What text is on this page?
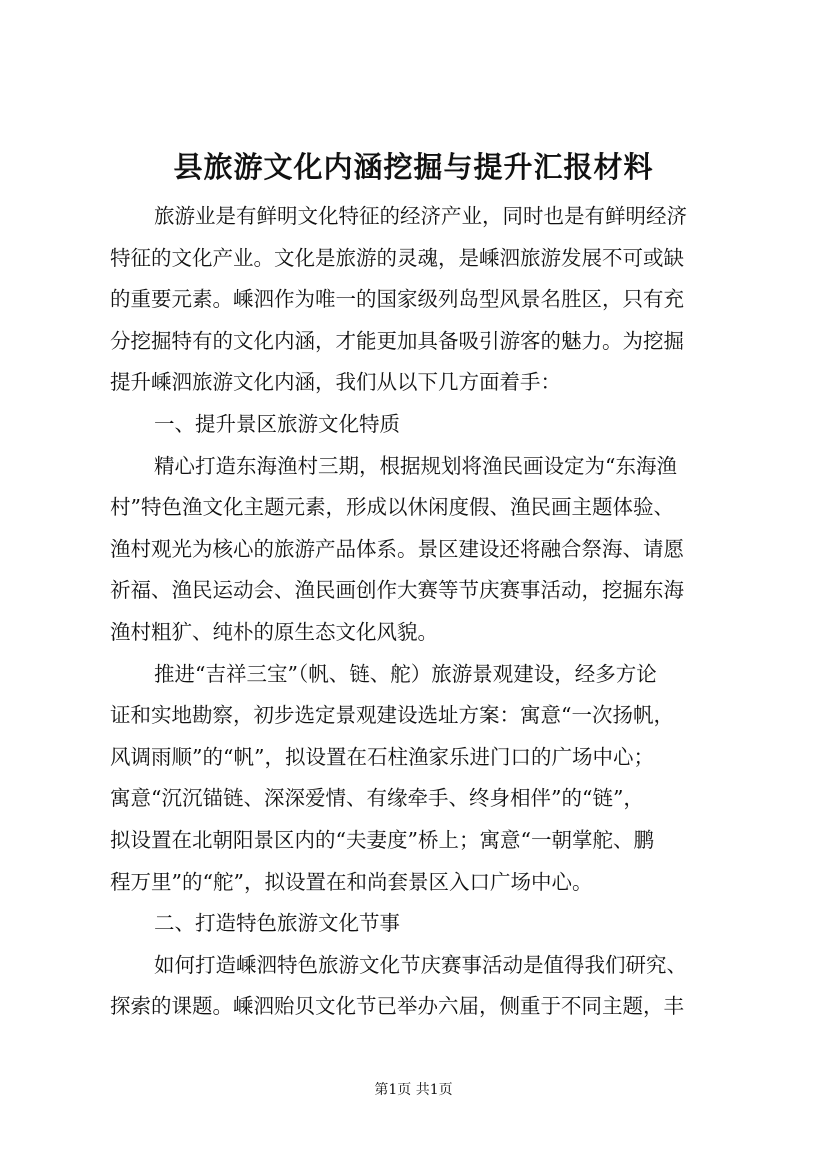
县旅游文化内涵挖掘与提升汇报材料
旅游业是有鲜明文化特征的经济产业，同时也是有鲜明经济
特征的文化产业。文化是旅游的灵魂，是嵊泗旅游发展不可或缺
的重要元素。嵊泗作为唯一的国家级列岛型风景名胜区，只有充
分挖掘特有的文化内涵，才能更加具备吸引游客的魅力。为挖掘
提升嵊泗旅游文化内涵，我们从以下几方面着手：
一、提升景区旅游文化特质
精心打造东海渔村三期，根据规划将渔民画设定为“东海渔
村”特色渔文化主题元素，形成以休闲度假、渔民画主题体验、
渔村观光为核心的旅游产品体系。景区建设还将融合祭海、请愿
祈福、渔民运动会、渔民画创作大赛等节庆赛事活动，挖掘东海
渔村粗犷、纯朴的原生态文化风貌。
推进“吉祥三宝”（帆、链、舵）旅游景观建设，经多方论
证和实地勘察，初步选定景观建设选址方案：寓意“一次扬帆，
风调雨顺”的“帆”，拟设置在石柱渔家乐进门口的广场中心；
寓意“沉沉锚链、深深爱情、有缘牵手、终身相伴”的“链”，
拟设置在北朝阳景区内的“夫妻度”桥上；寓意“一朝掌舵、鹏
程万里”的“舵”，拟设置在和尚套景区入口广场中心。
二、打造特色旅游文化节事
如何打造嵊泗特色旅游文化节庆赛事活动是值得我们研究、
探索的课题。嵊泗贻贝文化节已举办六届，侧重于不同主题，丰
第1页 共1页
